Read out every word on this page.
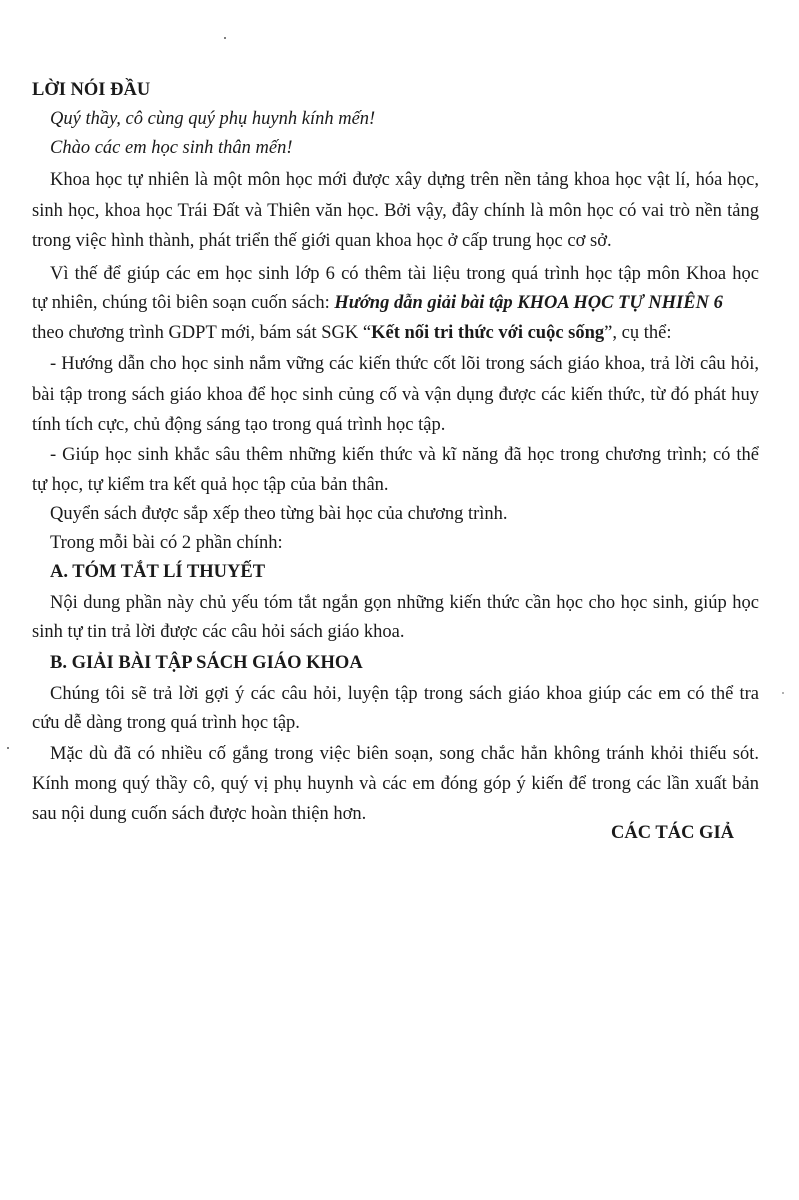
LỜI NÓI ĐẦU
Quý thầy, cô cùng quý phụ huynh kính mến!
Chào các em học sinh thân mến!
Khoa học tự nhiên là một môn học mới được xây dựng trên nền tảng khoa học vật lí, hóa học,
sinh học, khoa học Trái Đất và Thiên văn học. Bởi vậy, đây chính là môn học có vai trò nền tảng
trong việc hình thành, phát triển thế giới quan khoa học ở cấp trung học cơ sở.
Vì thế để giúp các em học sinh lớp 6 có thêm tài liệu trong quá trình học tập môn Khoa học
tự nhiên, chúng tôi biên soạn cuốn sách: Hướng dẫn giải bài tập KHOA HỌC TỰ NHIÊN 6
theo chương trình GDPT mới, bám sát SGK “Kết nối tri thức với cuộc sống”, cụ thể:
- Hướng dẫn cho học sinh nắm vững các kiến thức cốt lõi trong sách giáo khoa, trả lời câu hỏi,
bài tập trong sách giáo khoa để học sinh củng cố và vận dụng được các kiến thức, từ đó phát huy
tính tích cực, chủ động sáng tạo trong quá trình học tập.
- Giúp học sinh khắc sâu thêm những kiến thức và kĩ năng đã học trong chương trình; có thể
tự học, tự kiểm tra kết quả học tập của bản thân.
Quyển sách được sắp xếp theo từng bài học của chương trình.
Trong mỗi bài có 2 phần chính:
A. TÓM TẮT LÍ THUYẾT
Nội dung phần này chủ yếu tóm tắt ngắn gọn những kiến thức cần học cho học sinh, giúp học
sinh tự tin trả lời được các câu hỏi sách giáo khoa.
B. GIẢI BÀI TẬP SÁCH GIÁO KHOA
Chúng tôi sẽ trả lời gợi ý các câu hỏi, luyện tập trong sách giáo khoa giúp các em có thể tra
cứu dễ dàng trong quá trình học tập.
Mặc dù đã có nhiều cố gắng trong việc biên soạn, song chắc hẳn không tránh khỏi thiếu sót.
Kính mong quý thầy cô, quý vị phụ huynh và các em đóng góp ý kiến để trong các lần xuất bản
sau nội dung cuốn sách được hoàn thiện hơn.
CÁC TÁC GIẢ
